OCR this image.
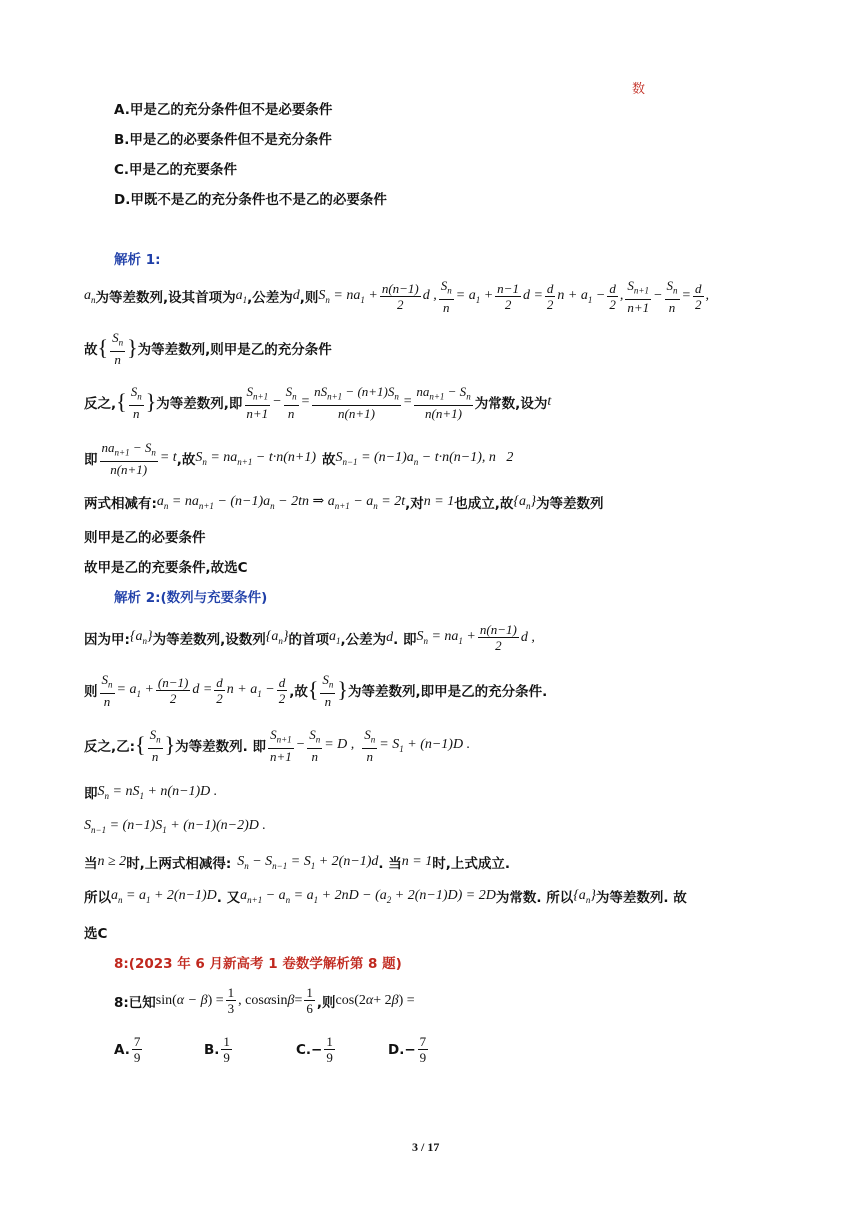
数
A.甲是乙的充分条件但不是必要条件
B.甲是乙的必要条件但不是充分条件
C.甲是乙的充要条件
D.甲既不是乙的充分条件也不是乙的必要条件
解析 1:
$a_n$ 为等差数列,设其首项为 $a_1$ ,公差为 d ,则 $S_n = na_1 + \frac{n(n-1)}{2}$ d , $\frac{S_n}{n} = a_1 + \frac{n-1}{2}$ $d = \frac{d}{2}$ $n + a_1 - \frac{d}{2}$ , $\frac{S_{n+1}}{n+1} - \frac{S_n}{n} = \frac{d}{2}$ ,
故 { $\frac{S_n}{n}$ } 为等差数列,则甲是乙的充分条件
反之, { $\frac{S_n}{n}$ } 为等差数列,即 $\frac{S_{n+1}}{n+1} - \frac{S_n}{n} = \frac{nS_{n+1} - (n+1)S_n}{n(n+1)} = \frac{na_{n+1} - S_n}{n(n+1)}$ 为常数,设为 t
即 $\frac{na_{n+1} - S_n}{n(n+1)} = t$ ,故 $S_n = na_{n+1} - t\cdot n(n+1)$ 故 $S_{n-1} = (n-1)a_n - t\cdot n(n-1)$, n   2
两式相减有: $a_n = na_{n+1} - (n-1)a_n - 2tn$ ⇒ $a_{n+1} - a_n = 2t$ ,对 n = 1 也成立,故 $\{a_n\}$ 为等差数列
则甲是乙的必要条件
故甲是乙的充要条件,故选C
解析 2:(数列与充要条件)
因为甲: $\{a_n\}$ 为等差数列,设数列 $\{a_n\}$ 的首项 $a_1$ ,公差为 d . 即 $S_n = na_1 + \frac{n(n-1)}{2}$ d ,
则 $\frac{S_n}{n} = a_1 + \frac{(n-1)}{2}$ $d = \frac{d}{2}$ $n + a_1 - \frac{d}{2}$ ,故 { $\frac{S_n}{n}$ } 为等差数列,即甲是乙的充分条件.
反之,乙: { $\frac{S_n}{n}$ } 为等差数列. 即 $\frac{S_{n+1}}{n+1} - \frac{S_n}{n} = D$ , $\frac{S_n}{n} = S_1 + (n-1)D$ .
即 $S_n = nS_1 + n(n-1)D$ .
$S_{n-1} = (n-1)S_1 + (n-1)(n-2)D$ .
当 n ≥ 2 时,上两式相减得: $S_n - S_{n-1} = S_1 + 2(n-1)d$ . 当 n = 1 时,上式成立.
所以 $a_n = a_1 + 2(n-1)D$ . 又 $a_{n+1} - a_n = a_1 + 2nD - (a_2 + 2(n-1)D) = 2D$ 为常数. 所以 $\{a_n\}$ 为等差数列. 故
选C
8:(2023 年 6 月新高考 1 卷数学解析第 8 题)
8:已知 sin( α − β ) = $\frac{1}{3}$ , cos α $\sin \beta = \frac{1}{6}$ ,则 cos(2 α + 2 β ) =
A. $\frac{7}{9}$	B. $\frac{1}{9}$	$C.- \frac{1}{9}$	$D.- \frac{7}{9}$
3 / 17
